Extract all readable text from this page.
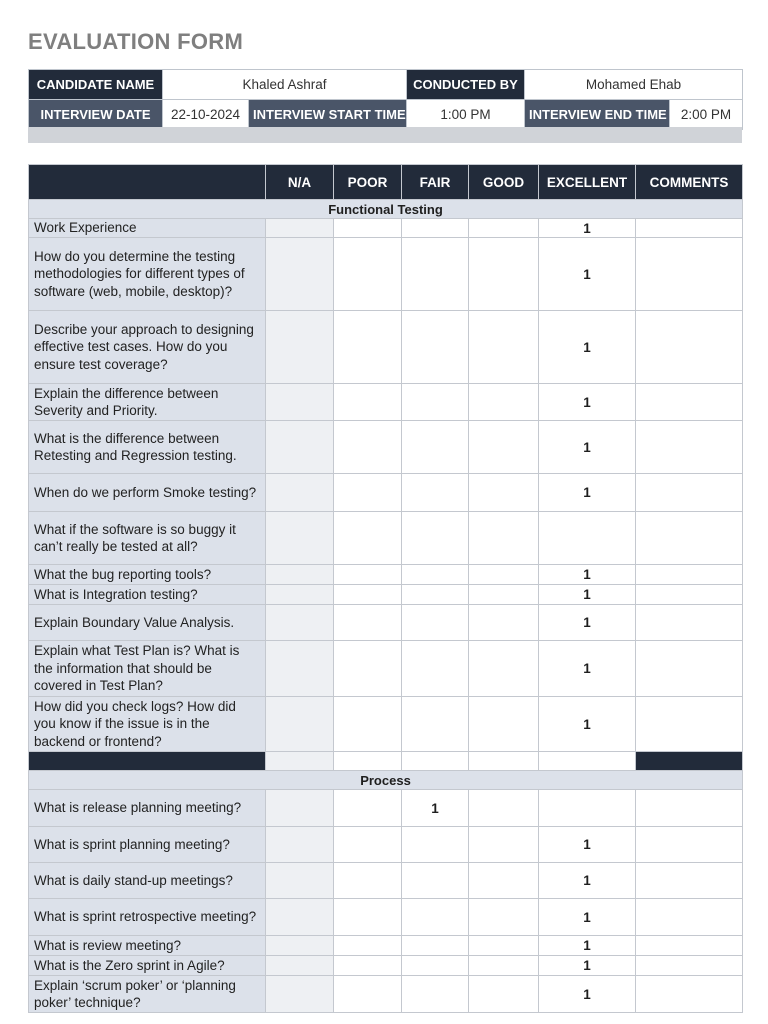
EVALUATION FORM
CANDIDATE NAME	Khaled Ashraf		CONDUCTED BY	Mohamed Ehab	
INTERVIEW DATE	22-10-2024	INTERVIEW START TIME	1:00 PM	INTERVIEW END TIME	2:00 PM
	N/A	POOR	FAIR	GOOD	EXCELLENT	COMMENTS
Functional Testing						
Work Experience					1	
How do you determine the testing methodologies for different types of software (web, mobile, desktop)?					1	
Describe your approach to designing effective test cases. How do you ensure test coverage?					1	
Explain the difference between Severity and Priority.					1	
What is the difference between Retesting and Regression testing.					1	
When do we perform Smoke testing?					1	
What if the software is so buggy it can’t really be tested at all?						
What the bug reporting tools?					1	
What is Integration testing?					1	
Explain Boundary Value Analysis.					1	
Explain what Test Plan is? What is the information that should be covered in Test Plan?					1	
How did you check logs? How did you know if the issue is in the backend or frontend?					1	

Process						
What is release planning meeting?			1			
What is sprint planning meeting?					1	
What is daily stand-up meetings?					1	
What is sprint retrospective meeting?					1	
What is review meeting?					1	
What is the Zero sprint in Agile?					1	
Explain ‘scrum poker’ or ‘planning poker’ technique?					1	
